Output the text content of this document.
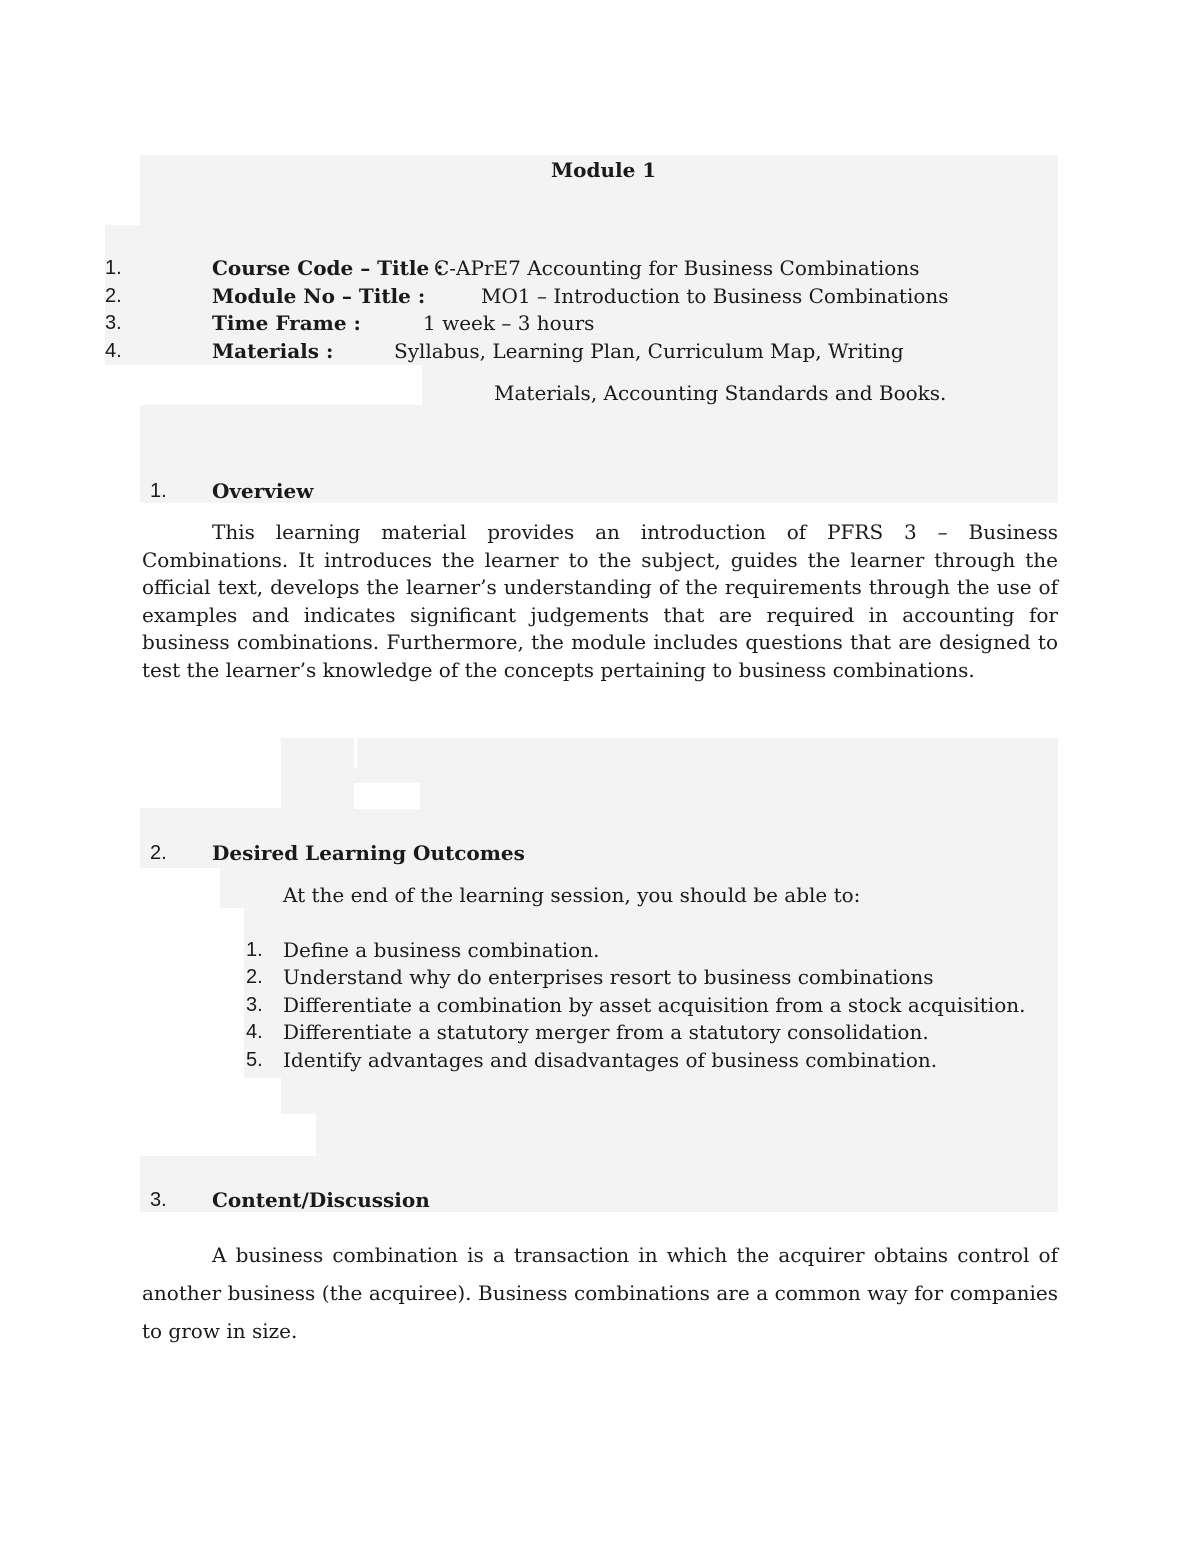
Module 1
1.	Course Code – Title :
C-APrE7 Accounting for Business Combinations
2.	Module No – Title :	MO1 – Introduction to Business Combinations
3.	Time Frame :	1 week – 3 hours
4.	Materials :	Syllabus, Learning Plan, Curriculum Map, Writing
Materials, Accounting Standards and Books.
1. Overview
This learning material provides an introduction of PFRS 3 – Business Combinations. It introduces the learner to the subject, guides the learner through the official text, develops the learner’s understanding of the requirements through the use of examples and indicates significant judgements that are required in accounting for business combinations. Furthermore, the module includes questions that are designed to test the learner’s knowledge of the concepts pertaining to business combinations.
2. Desired Learning Outcomes
At the end of the learning session, you should be able to:
1. Define a business combination.
2. Understand why do enterprises resort to business combinations
3. Differentiate a combination by asset acquisition from a stock acquisition.
4. Differentiate a statutory merger from a statutory consolidation.
5. Identify advantages and disadvantages of business combination.
3. Content/Discussion
A business combination is a transaction in which the acquirer obtains control of another business (the acquiree). Business combinations are a common way for companies to grow in size.
